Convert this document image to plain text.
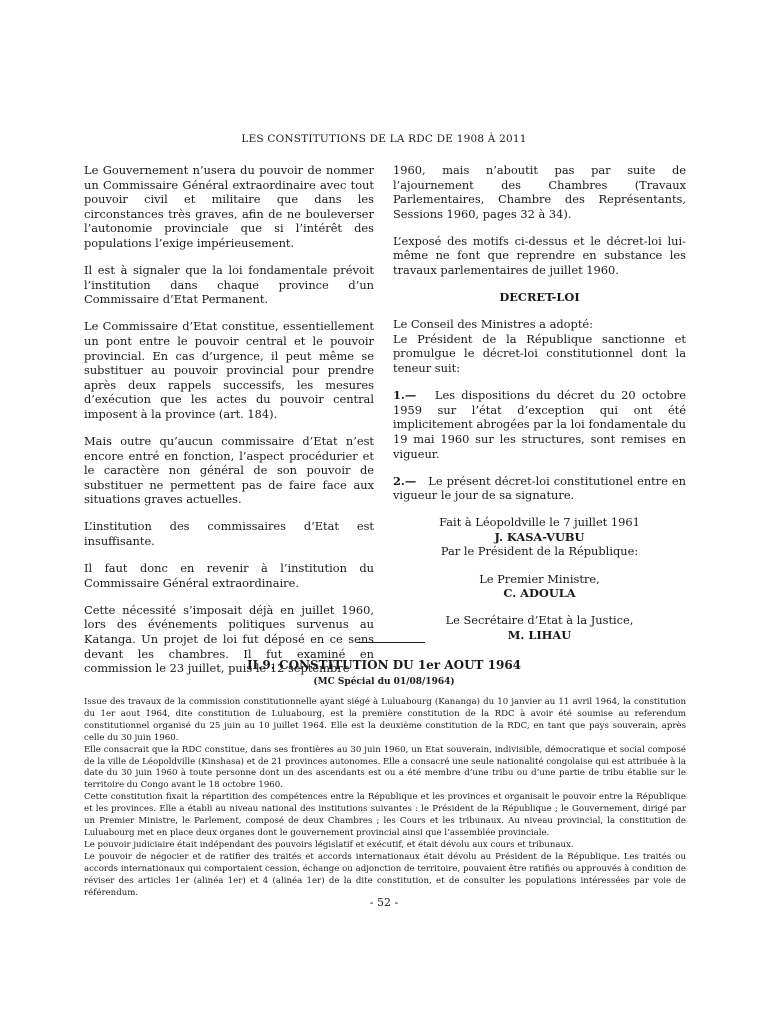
LES CONSTITUTIONS DE LA RDC DE 1908 À 2011

Le Gouvernement n’usera du pouvoir de nommer un Commissaire Général extraordinaire avec tout pouvoir civil et militaire que dans les circonstances très graves, afin de ne bouleverser l’autonomie provinciale que si l’intérêt des populations l’exige impérieusement.

Il est à signaler que la loi fondamentale prévoit l’institution dans chaque province d’un Commissaire d’Etat Permanent.

Le Commissaire d’Etat constitue, essentiellement un pont entre le pouvoir central et le pouvoir provincial. En cas d’urgence, il peut même se substituer au pouvoir provincial pour prendre après deux rappels successifs, les mesures d’exécution que les actes du pouvoir central imposent à la province (art. 184).

Mais outre qu’aucun commissaire d’Etat n’est encore entré en fonction, l’aspect procédurier et le caractère non général de son pouvoir de substituer ne permettent pas de faire face aux situations graves actuelles.

L’institution des commissaires d’Etat est insuffisante.

Il faut donc en revenir à l’institution du Commissaire Général extraordinaire.

Cette nécessité s’imposait déjà en juillet 1960, lors des événements politiques survenus au Katanga. Un projet de loi fut déposé en ce sens devant les chambres. Il fut examiné en commission le 23 juillet, puis le 12 septembre

1960, mais n’aboutit pas par suite de l’ajournement des Chambres (Travaux Parlementaires, Chambre des Représentants, Sessions 1960, pages 32 à 34).

L’exposé des motifs ci-dessus et le décret-loi lui-même ne font que reprendre en substance les travaux parlementaires de juillet 1960.

DECRET-LOI

Le Conseil des Ministres a adopté:
Le Président de la République sanctionne et promulgue le décret-loi constitutionnel dont la teneur suit:

1.— Les dispositions du décret du 20 octobre 1959 sur l’état d’exception qui ont été implicitement abrogées par la loi fondamentale du 19 mai 1960 sur les structures, sont remises en vigueur.

2.— Le présent décret-loi constitutionel entre en vigueur le jour de sa signature.

Fait à Léopoldville le 7 juillet 1961
J. KASA-VUBU
Par le Président de la République:
Le Premier Ministre,
C. ADOULA
Le Secrétaire d’Etat à la Justice,
M. LIHAU
II.9. CONSTITUTION DU 1er AOUT 1964
(MC Spécial du 01/08/1964)

Issue des travaux de la commission constitutionnelle ayant siégé à Luluabourg (Kananga) du 10 janvier au 11 avril 1964, la constitution du 1er aout 1964, dite constitution de Luluabourg, est la première constitution de la RDC à avoir été soumise au referendum constitutionnel organisé du 25 juin au 10 juillet 1964. Elle est la deuxième constitution de la RDC, en tant que pays souverain, après celle du 30 juin 1960.

Elle consacrait que la RDC constitue, dans ses frontières au 30 juin 1960, un Etat souverain, indivisible, démocratique et social composé de la ville de Léopoldville (Kinshasa) et de 21 provinces autonomes. Elle a consacré une seule nationalité congolaise qui est attribuée à la date du 30 juin 1960 à toute personne dont un des ascendants est ou a été membre d’une tribu ou d’une partie de tribu établie sur le territoire du Congo avant le 18 octobre 1960.

Cette constitution fixait la répartition des compétences entre la République et les provinces et organisait le pouvoir entre la République et les provinces. Elle a établi au niveau national des institutions suivantes : le Président de la République ; le Gouvernement, dirigé par un Premier Ministre, le Parlement, composé de deux Chambres ; les Cours et les tribunaux. Au niveau provincial, la constitution de Luluabourg met en place deux organes dont le gouvernement provincial ainsi que l’assemblée provinciale.

Le pouvoir judiciaire était indépendant des pouvoirs législatif et exécutif, et était dévolu aux cours et tribunaux.

Le pouvoir de négocier et de ratifier des traités et accords internationaux était dévolu au Président de la République. Les traités ou accords internationaux qui comportaient cession, échange ou adjonction de territoire, pouvaient être ratifiés ou approuvés à condition de réviser des articles 1er (alinéa 1er) et 4 (alinéa 1er) de la dite constitution, et de consulter les populations intéressées par voie de référendum.

- 52 -
